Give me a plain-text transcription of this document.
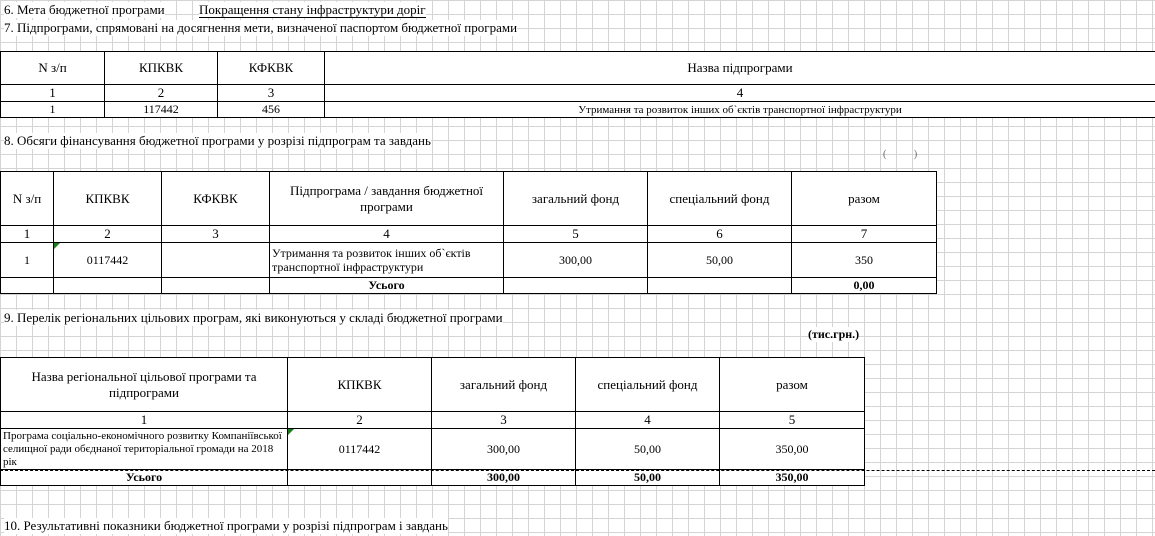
6. Мета бюджетної програми	Покращення стану інфраструктури доріг
7. Підпрограми, спрямовані на досягнення мети, визначеної паспортом бюджетної програми
N з/п	КПКВК	КФКВК	Назва підпрограми
1	2	3	4
1	117442	456	Утримання та розвиток інших об`єктів транспортної інфраструктури
8. Обсяги фінансування бюджетної програми у розрізі підпрограм та завдань
(           )
N з/п	КПКВК	КФКВК	Підпрограма / завдання бюджетної програми	загальний фонд	спеціальний фонд	разом
1	2	3	4	5	6	7
1	0117442		Утримання та розвиток інших об`єктів транспортної інфраструктури	300,00	50,00	350
			Усього			0,00
9. Перелік регіональних цільових програм, які виконуються у складі бюджетної програми
(тис.грн.)
Назва регіональної цільової програми та підпрограми	КПКВК	загальний фонд	спеціальний фонд	разом
1	2	3	4	5
Програма соціально-економічного розвитку Компаніївської селищної ради обєднаної територіальної громади на 2018 рік	0117442	300,00	50,00	350,00
Усього		300,00	50,00	350,00
10. Результативні показники бюджетної програми у розрізі підпрограм і завдань
